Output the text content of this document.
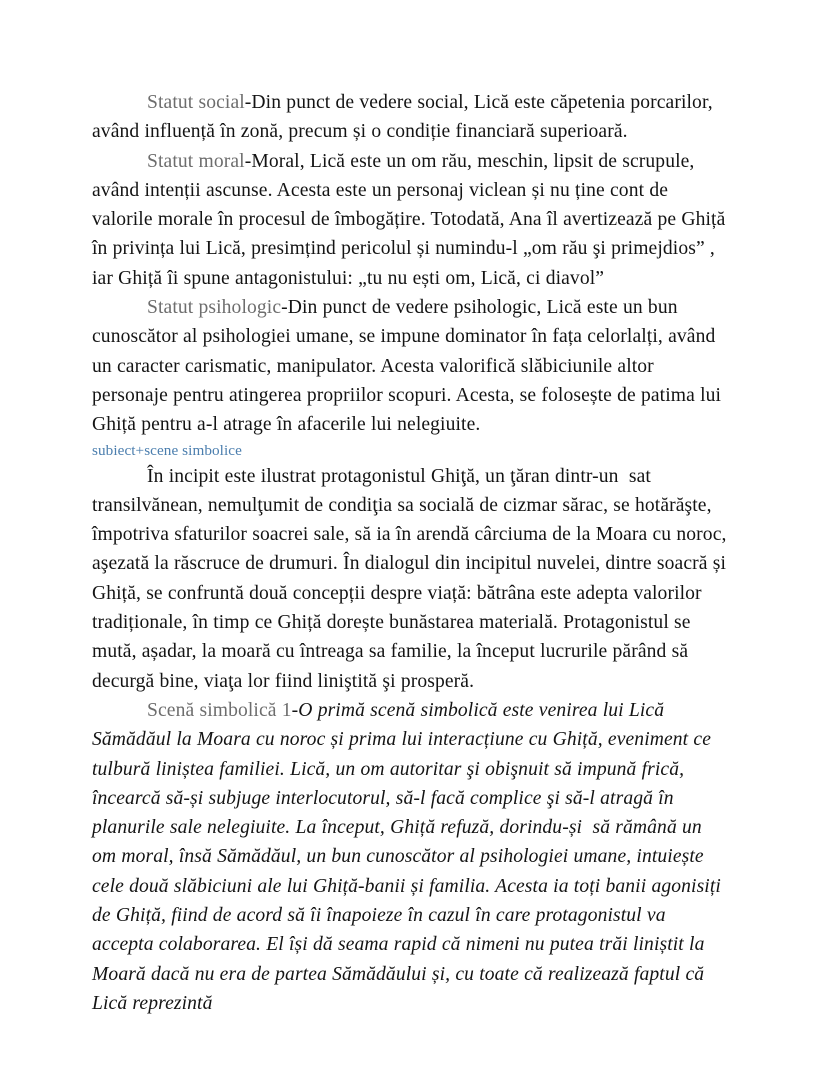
Statut social-Din punct de vedere social, Lică este căpetenia porcarilor, având influență în zonă, precum și o condiție financiară superioară.

Statut moral-Moral, Lică este un om rău, meschin, lipsit de scrupule, având intenții ascunse. Acesta este un personaj viclean și nu ține cont de valorile morale în procesul de îmbogățire. Totodată, Ana îl avertizează pe Ghiță în privința lui Lică, presimțind pericolul și numindu-l „om rău şi primejdios” , iar Ghiță îi spune antagonistului: „tu nu ești om, Lică, ci diavol”

Statut psihologic-Din punct de vedere psihologic, Lică este un bun cunoscător al psihologiei umane, se impune dominator în fața celorlalți, având un caracter carismatic, manipulator. Acesta valorifică slăbiciunile altor personaje pentru atingerea propriilor scopuri. Acesta, se folosește de patima lui Ghiță pentru a-l atrage în afacerile lui nelegiuite.

subiect+scene simbolice

În incipit este ilustrat protagonistul Ghiţă, un ţăran dintr-un  sat transilvănean, nemulţumit de condiţia sa socială de cizmar sărac, se hotărăşte, împotriva sfaturilor soacrei sale, să ia în arendă cârciuma de la Moara cu noroc, aşezată la răscruce de drumuri. În dialogul din incipitul nuvelei, dintre soacră și Ghiță, se confruntă două concepții despre viață: bătrâna este adepta valorilor tradiționale, în timp ce Ghiță dorește bunăstarea materială. Protagonistul se mută, așadar, la moară cu întreaga sa familie, la început lucrurile părând să decurgă bine, viaţa lor fiind liniştită şi prosperă.

Scenă simbolică 1-O primă scenă simbolică este venirea lui Lică Sămădăul la Moara cu noroc și prima lui interacțiune cu Ghiță, eveniment ce tulbură liniștea familiei. Lică, un om autoritar şi obişnuit să impună frică, încearcă să-și subjuge interlocutorul, să-l facă complice şi să-l atragă în planurile sale nelegiuite. La început, Ghiță refuză, dorindu-și  să rămână un om moral, însă Sămădăul, un bun cunoscător al psihologiei umane, intuiește cele două slăbiciuni ale lui Ghiță-banii și familia. Acesta ia toți banii agonisiți de Ghiță, fiind de acord să îi înapoieze în cazul în care protagonistul va accepta colaborarea. El își dă seama rapid că nimeni nu putea trăi liniștit la Moară dacă nu era de partea Sămădăului și, cu toate că realizează faptul că Lică reprezintă
